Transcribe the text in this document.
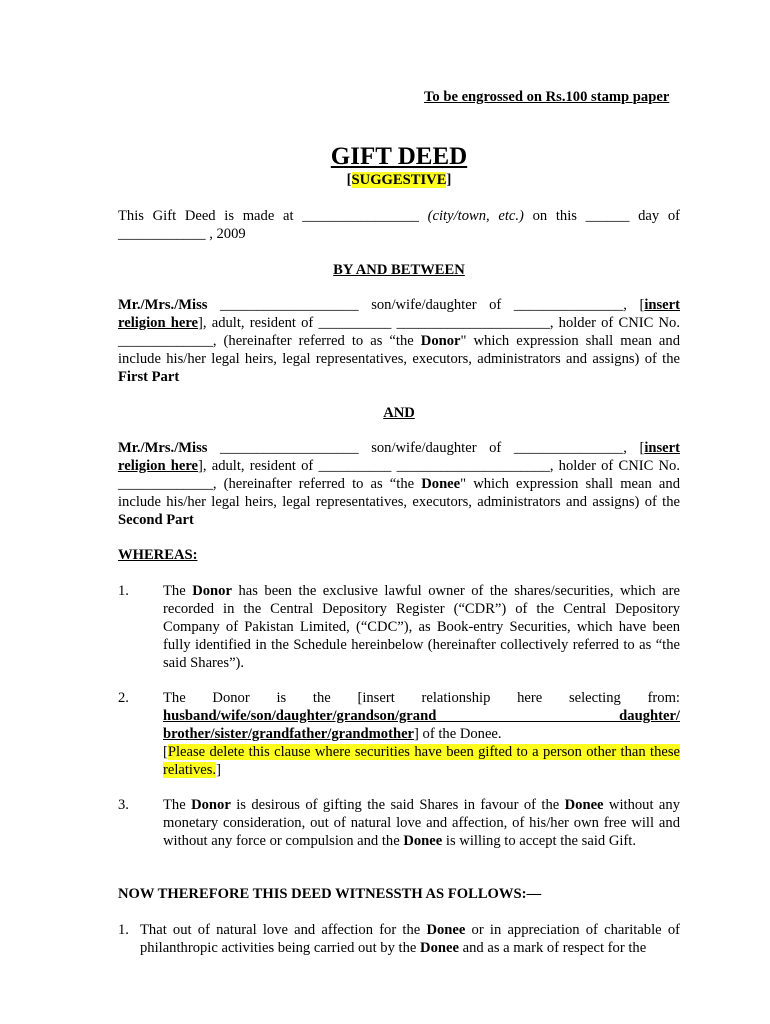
To be engrossed on Rs.100 stamp paper
GIFT DEED
[SUGGESTIVE]
This Gift Deed is made at ________________ (city/town, etc.) on this ______ day of
____________ , 2009
BY AND BETWEEN
Mr./Mrs./Miss ___________________ son/wife/daughter of _______________, [insert religion here], adult, resident of __________ _____________________, holder of CNIC No. _____________, (hereinafter referred to as “the Donor" which expression shall mean and include his/her legal heirs, legal representatives, executors, administrators and assigns) of the First Part
AND
Mr./Mrs./Miss ___________________ son/wife/daughter of _______________, [insert religion here], adult, resident of __________ _____________________, holder of CNIC No. _____________, (hereinafter referred to as “the Donee" which expression shall mean and include his/her legal heirs, legal representatives, executors, administrators and assigns) of the Second Part
WHEREAS:
1. The Donor has been the exclusive lawful owner of the shares/securities, which are recorded in the Central Depository Register (“CDR”) of the Central Depository Company of Pakistan Limited, (“CDC”), as Book-entry Securities, which have been fully identified in the Schedule hereinbelow (hereinafter collectively referred to as “the said Shares”).
2. The Donor is the [insert relationship here selecting from:
husband/wife/son/daughter/grandson/grand daughter/
brother/sister/grandfather/grandmother] of the Donee.
[Please delete this clause where securities have been gifted to a person other than these relatives.]
3. The Donor is desirous of gifting the said Shares in favour of the Donee without any monetary consideration, out of natural love and affection, of his/her own free will and without any force or compulsion and the Donee is willing to accept the said Gift.
NOW THEREFORE THIS DEED WITNESSTH AS FOLLOWS:—
1. That out of natural love and affection for the Donee or in appreciation of charitable of philanthropic activities being carried out by the Donee and as a mark of respect for the
